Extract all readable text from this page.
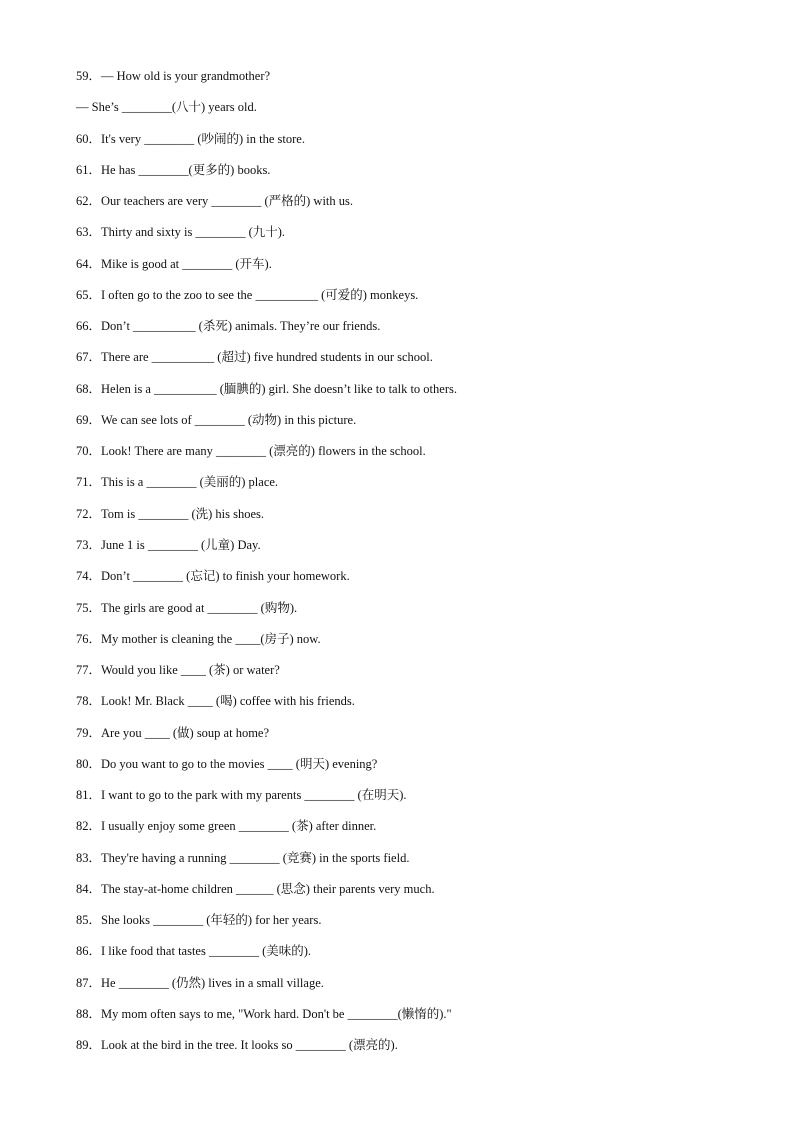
59．— How old is your grandmother?
— She’s ________(八十) years old.
60．It's very ________ (吵闹的) in the store.
61．He has ________(更多的) books.
62．Our teachers are very ________ (严格的) with us.
63．Thirty and sixty is ________ (九十).
64．Mike is good at ________ (开车).
65．I often go to the zoo to see the __________ (可爱的) monkeys.
66．Don’t __________ (杀死) animals. They’re our friends.
67．There are __________ (超过) five hundred students in our school.
68．Helen is a __________ (腼腆的) girl. She doesn’t like to talk to others.
69．We can see lots of ________ (动物) in this picture.
70．Look! There are many ________ (漂亮的) flowers in the school.
71．This is a ________ (美丽的) place.
72．Tom is ________ (洗) his shoes.
73．June 1 is ________ (儿童) Day.
74．Don’t ________ (忘记) to finish your homework.
75．The girls are good at ________ (购物).
76．My mother is cleaning the ____(房子) now.
77．Would you like ____ (茶) or water?
78．Look! Mr. Black ____ (喝) coffee with his friends.
79．Are you ____ (做) soup at home?
80．Do you want to go to the movies ____ (明天) evening?
81．I want to go to the park with my parents ________ (在明天).
82．I usually enjoy some green ________ (茶) after dinner.
83．They're having a running ________ (竞赛) in the sports field.
84．The stay-at-home children ______ (思念) their parents very much.
85．She looks ________ (年轻的) for her years.
86．I like food that tastes ________ (美味的).
87．He ________ (仍然) lives in a small village.
88．My mom often says to me, "Work hard. Don't be ________(懒惰的)."
89．Look at the bird in the tree. It looks so ________ (漂亮的).
